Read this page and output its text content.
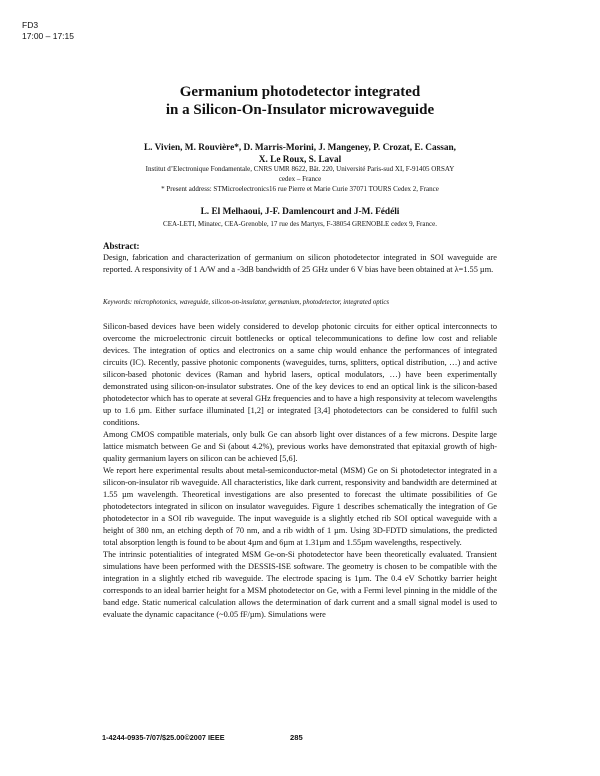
FD3
17:00 – 17:15
Germanium photodetector integrated
in a Silicon-On-Insulator microwaveguide
L. Vivien, M. Rouvière*, D. Marris-Morini, J. Mangeney, P. Crozat, E. Cassan,
X. Le Roux, S. Laval
Institut d’Electronique Fondamentale, CNRS UMR 8622, Bât. 220, Université Paris-sud XI, F-91405 ORSAY
cedex – France
* Present address: STMicroelectronics16 rue Pierre et Marie Curie 37071 TOURS Cedex 2, France
L. El Melhaoui, J-F. Damlencourt and J-M. Fédéli
CEA-LETI, Minatec, CEA-Grenoble, 17 rue des Martyrs, F-38054 GRENOBLE cedex 9, France.
Abstract:
Design, fabrication and characterization of germanium on silicon photodetector integrated in SOI waveguide are reported. A responsivity of 1 A/W and a -3dB bandwidth of 25 GHz under 6 V bias have been obtained at λ=1.55 µm.
Keywords: microphotonics, waveguide, silicon-on-insulator, germanium, photodetector, integrated optics

Silicon-based devices have been widely considered to develop photonic circuits for either optical interconnects to overcome the microelectronic circuit bottlenecks or optical telecommunications to define low cost and reliable devices. The integration of optics and electronics on a same chip would enhance the performances of integrated circuits (IC). Recently, passive photonic components (waveguides, turns, splitters, optical distribution, …) and active silicon-based photonic devices (Raman and hybrid lasers, optical modulators, …) have been experimentally demonstrated using silicon-on-insulator substrates. One of the key devices to end an optical link is the silicon-based photodetector which has to operate at several GHz frequencies and to have a high responsivity at telecom wavelengths up to 1.6 µm. Either surface illuminated [1,2] or integrated [3,4] photodetectors can be considered to fulfil such conditions.

Among CMOS compatible materials, only bulk Ge can absorb light over distances of a few microns. Despite large lattice mismatch between Ge and Si (about 4.2%), previous works have demonstrated that epitaxial growth of high-quality germanium layers on silicon can be achieved [5,6].

We report here experimental results about metal-semiconductor-metal (MSM) Ge on Si photodetector integrated in a silicon-on-insulator rib waveguide. All characteristics, like dark current, responsivity and bandwidth are determined at 1.55 µm wavelength. Theoretical investigations are also presented to forecast the ultimate possibilities of Ge photodetectors integrated in silicon on insulator waveguides. Figure 1 describes schematically the integration of Ge photodetector in a SOI rib waveguide. The input waveguide is a slightly etched rib SOI optical waveguide with a height of 380 nm, an etching depth of 70 nm, and a rib width of 1 µm. Using 3D-FDTD simulations, the predicted total absorption length is found to be about 4µm and 6µm at 1.31µm and 1.55µm wavelengths, respectively.

The intrinsic potentialities of integrated MSM Ge-on-Si photodetector have been theoretically evaluated. Transient simulations have been performed with the DESSIS-ISE software. The geometry is chosen to be compatible with the integration in a slightly etched rib waveguide. The electrode spacing is 1µm. The 0.4 eV Schottky barrier height corresponds to an ideal barrier height for a MSM photodetector on Ge, with a Fermi level pinning in the middle of the band edge. Static numerical calculation allows the determination of dark current and a small signal model is used to evaluate the dynamic capacitance (~0.05 fF/µm). Simulations were

1-4244-0935-7/07/$25.00©2007 IEEE	285
